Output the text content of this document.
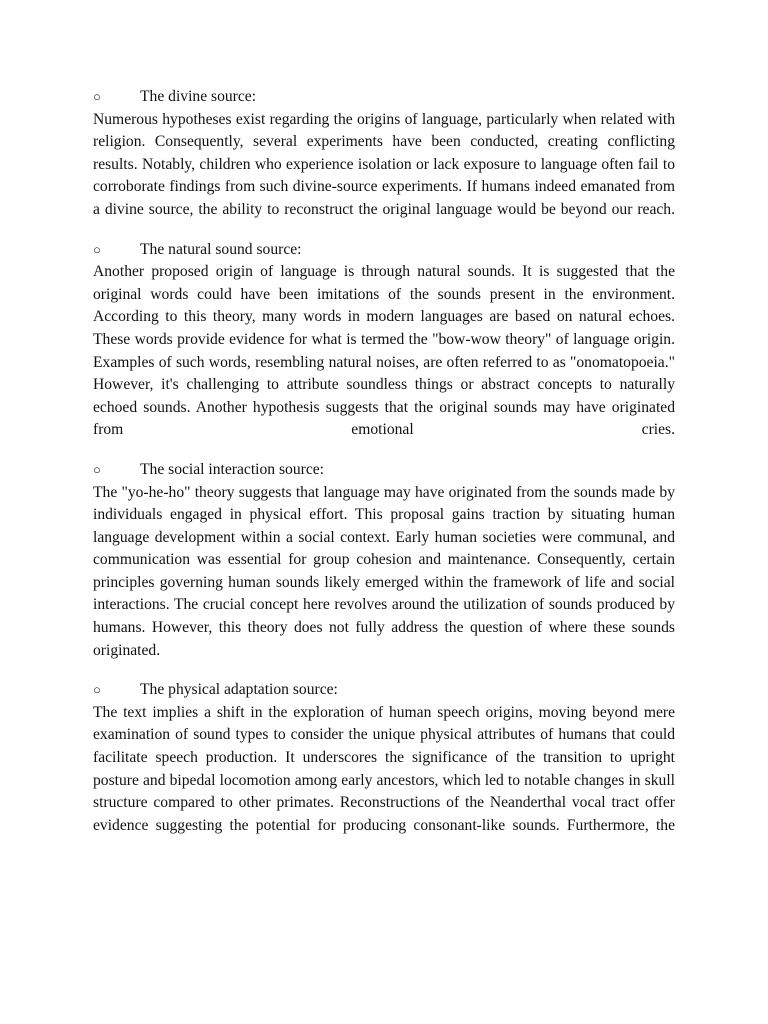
○	The divine source:
Numerous hypotheses exist regarding the origins of language, particularly when related with religion. Consequently, several experiments have been conducted, creating conflicting results. Notably, children who experience isolation or lack exposure to language often fail to corroborate findings from such divine-source experiments. If humans indeed emanated from a divine source, the ability to reconstruct the original language would be beyond our reach.
○	The natural sound source:
Another proposed origin of language is through natural sounds. It is suggested that the original words could have been imitations of the sounds present in the environment. According to this theory, many words in modern languages are based on natural echoes. These words provide evidence for what is termed the "bow-wow theory" of language origin. Examples of such words, resembling natural noises, are often referred to as "onomatopoeia." However, it's challenging to attribute soundless things or abstract concepts to naturally echoed sounds. Another hypothesis suggests that the original sounds may have originated from emotional cries.
○	The social interaction source:
The "yo-he-ho" theory suggests that language may have originated from the sounds made by individuals engaged in physical effort. This proposal gains traction by situating human language development within a social context. Early human societies were communal, and communication was essential for group cohesion and maintenance. Consequently, certain principles governing human sounds likely emerged within the framework of life and social interactions. The crucial concept here revolves around the utilization of sounds produced by humans. However, this theory does not fully address the question of where these sounds originated.
○	The physical adaptation source:
The text implies a shift in the exploration of human speech origins, moving beyond mere examination of sound types to consider the unique physical attributes of humans that could facilitate speech production. It underscores the significance of the transition to upright posture and bipedal locomotion among early ancestors, which led to notable changes in skull structure compared to other primates. Reconstructions of the Neanderthal vocal tract offer evidence suggesting the potential for producing consonant-like sounds. Furthermore, the
